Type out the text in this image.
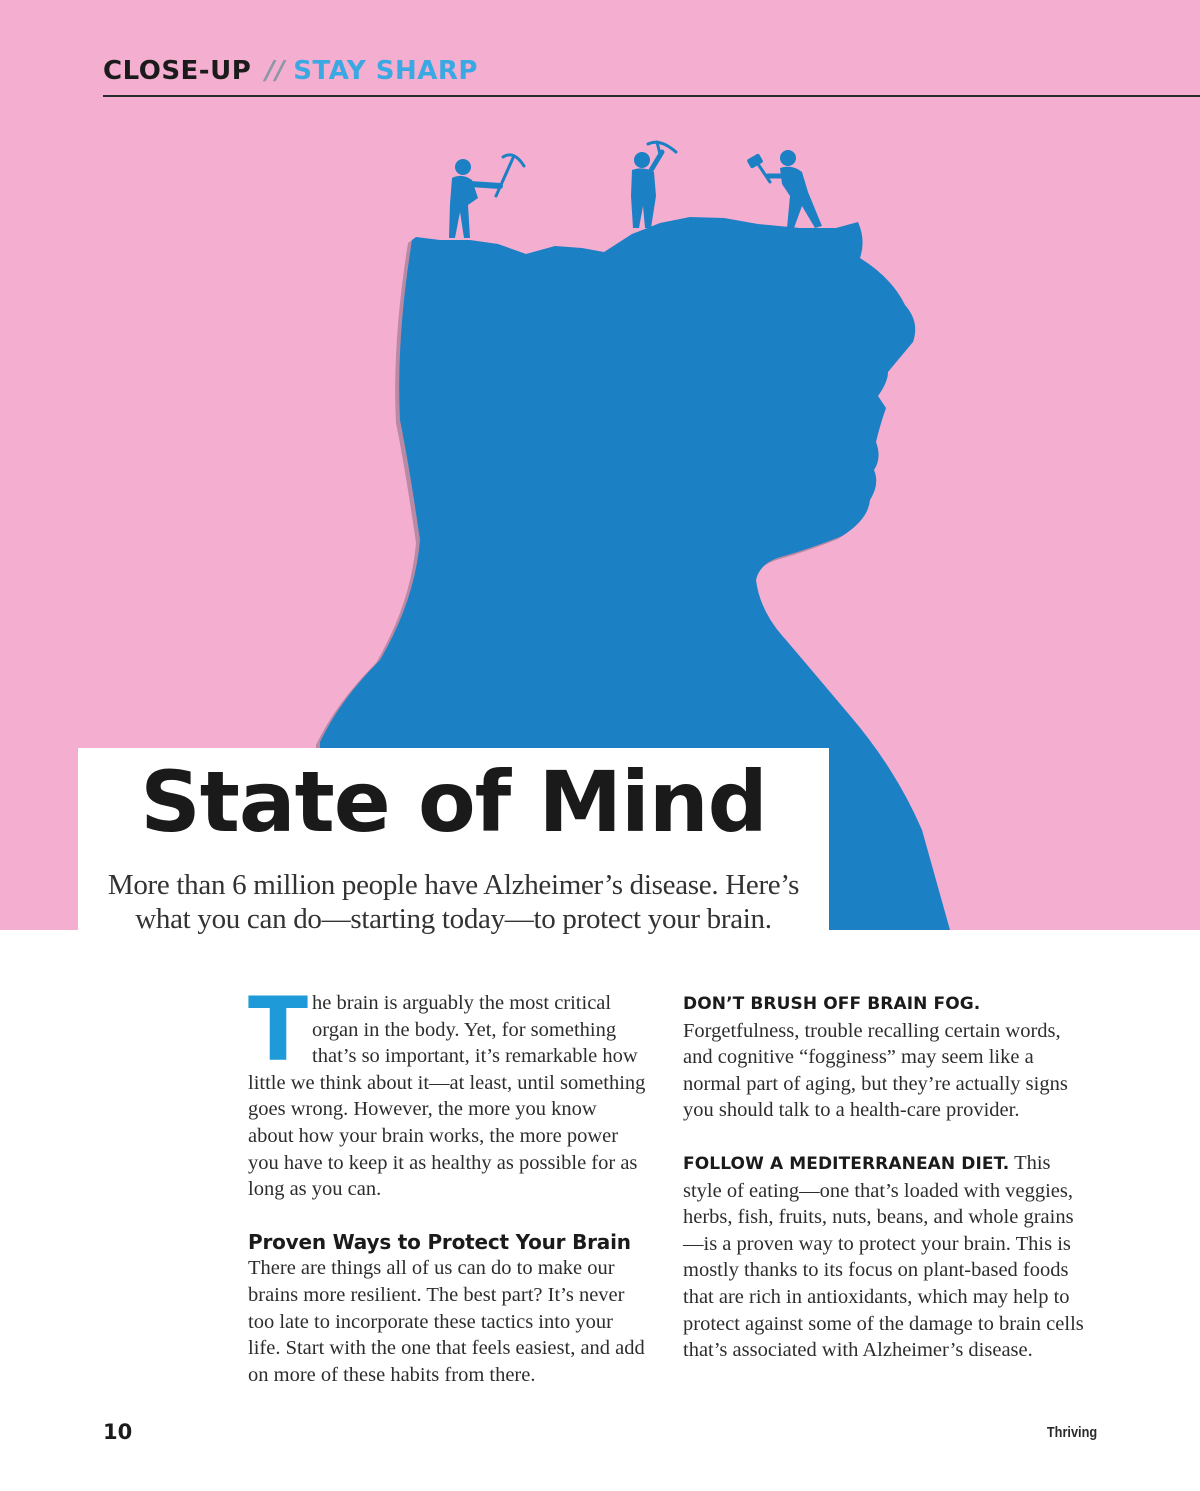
CLOSE-UP // STAY SHARP
State of Mind

More than 6 million people have Alzheimer’s disease. Here’s what you can do—starting today—to protect your brain.

The brain is arguably the most critical organ in the body. Yet, for something that’s so important, it’s remarkable how little we think about it—at least, until something goes wrong. However, the more you know about how your brain works, the more power you have to keep it as healthy as possible for as long as you can.

Proven Ways to Protect Your Brain

There are things all of us can do to make our brains more resilient. The best part? It’s never too late to incorporate these tactics into your life. Start with the one that feels easiest, and add on more of these habits from there.

DON’T BRUSH OFF BRAIN FOG. Forgetfulness, trouble recalling certain words, and cognitive “fogginess” may seem like a normal part of aging, but they’re actually signs you should talk to a health-care provider.

FOLLOW A MEDITERRANEAN DIET. This style of eating—one that’s loaded with veggies, herbs, fish, fruits, nuts, beans, and whole grains—is a proven way to protect your brain. This is mostly thanks to its focus on plant-based foods that are rich in antioxidants, which may help to protect against some of the damage to brain cells that’s associated with Alzheimer’s disease.

10	Thriving
